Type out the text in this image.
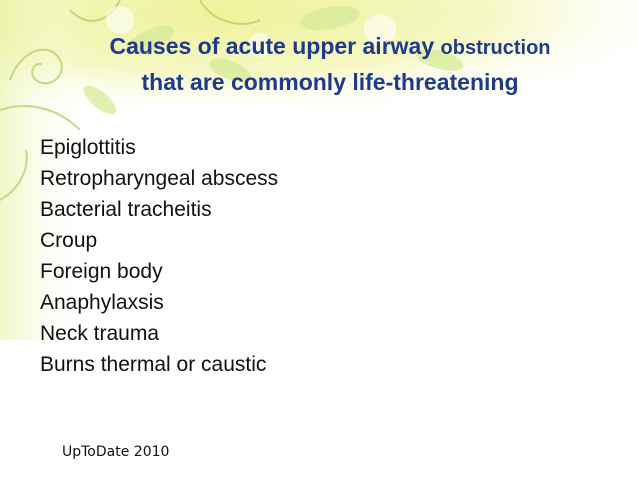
Causes of acute upper airway obstruction
that are commonly life-threatening
Epiglottitis
Retropharyngeal abscess
Bacterial tracheitis
Croup
Foreign body
Anaphylaxsis
Neck trauma
Burns thermal or caustic
UpToDate 2010
